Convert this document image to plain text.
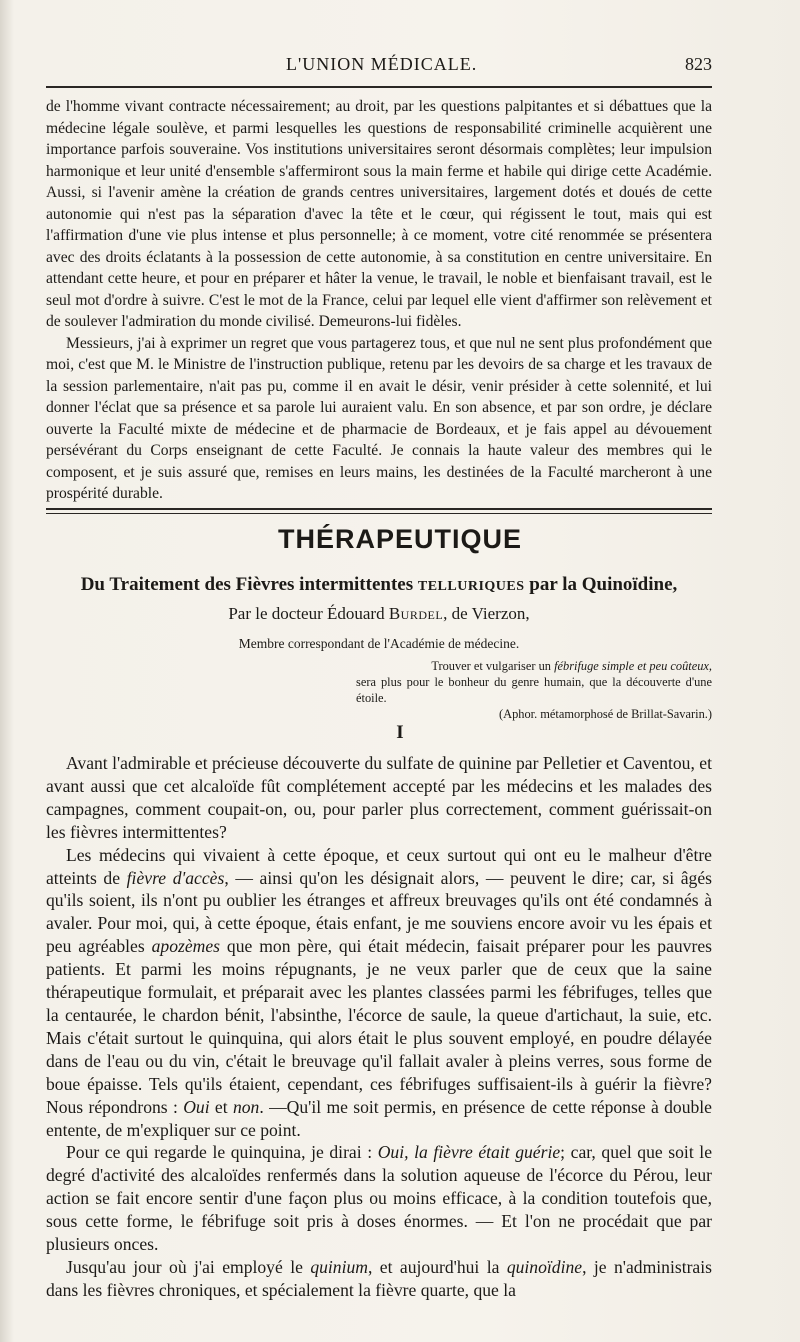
L'UNION MÉDICALE.	823

de l'homme vivant contracte nécessairement; au droit, par les questions palpitantes et si débattues que la médecine légale soulève, et parmi lesquelles les questions de responsabilité criminelle acquièrent une importance parfois souveraine. Vos institutions universitaires seront désormais complètes; leur impulsion harmonique et leur unité d'ensemble s'affermiront sous la main ferme et habile qui dirige cette Académie. Aussi, si l'avenir amène la création de grands centres universitaires, largement dotés et doués de cette autonomie qui n'est pas la séparation d'avec la tête et le cœur, qui régissent le tout, mais qui est l'affirmation d'une vie plus intense et plus personnelle; à ce moment, votre cité renommée se présentera avec des droits éclatants à la possession de cette autonomie, à sa constitution en centre universitaire. En attendant cette heure, et pour en préparer et hâter la venue, le travail, le noble et bienfaisant travail, est le seul mot d'ordre à suivre. C'est le mot de la France, celui par lequel elle vient d'affirmer son relèvement et de soulever l'admiration du monde civilisé. Demeurons-lui fidèles.

Messieurs, j'ai à exprimer un regret que vous partagerez tous, et que nul ne sent plus profondément que moi, c'est que M. le Ministre de l'instruction publique, retenu par les devoirs de sa charge et les travaux de la session parlementaire, n'ait pas pu, comme il en avait le désir, venir présider à cette solennité, et lui donner l'éclat que sa présence et sa parole lui auraient valu. En son absence, et par son ordre, je déclare ouverte la Faculté mixte de médecine et de pharmacie de Bordeaux, et je fais appel au dévouement persévérant du Corps enseignant de cette Faculté. Je connais la haute valeur des membres qui le composent, et je suis assuré que, remises en leurs mains, les destinées de la Faculté marcheront à une prospérité durable.

THÉRAPEUTIQUE
Du Traitement des Fièvres intermittentes TELLURIQUES par la Quinoïdine,
Par le docteur Édouard Burdel, de Vierzon,
Membre correspondant de l'Académie de médecine.
Trouver et vulgariser un fébrifuge simple et peu coûteux,
sera plus pour le bonheur du genre humain, que la découverte d'une étoile.
(Aphor. métamorphosé de Brillat-Savarin.)
I

Avant l'admirable et précieuse découverte du sulfate de quinine par Pelletier et Caventou, et avant aussi que cet alcaloïde fût complétement accepté par les médecins et les malades des campagnes, comment coupait-on, ou, pour parler plus correctement, comment guérissait-on les fièvres intermittentes?

Les médecins qui vivaient à cette époque, et ceux surtout qui ont eu le malheur d'être atteints de fièvre d'accès, — ainsi qu'on les désignait alors, — peuvent le dire; car, si âgés qu'ils soient, ils n'ont pu oublier les étranges et affreux breuvages qu'ils ont été condamnés à avaler. Pour moi, qui, à cette époque, étais enfant, je me souviens encore avoir vu les épais et peu agréables apozèmes que mon père, qui était médecin, faisait préparer pour les pauvres patients. Et parmi les moins répugnants, je ne veux parler que de ceux que la saine thérapeutique formulait, et préparait avec les plantes classées parmi les fébrifuges, telles que la centaurée, le chardon bénit, l'absinthe, l'écorce de saule, la queue d'artichaut, la suie, etc. Mais c'était surtout le quinquina, qui alors était le plus souvent employé, en poudre délayée dans de l'eau ou du vin, c'était le breuvage qu'il fallait avaler à pleins verres, sous forme de boue épaisse. Tels qu'ils étaient, cependant, ces fébrifuges suffisaient-ils à guérir la fièvre? Nous répondrons : Oui et non. —Qu'il me soit permis, en présence de cette réponse à double entente, de m'expliquer sur ce point.

Pour ce qui regarde le quinquina, je dirai : Oui, la fièvre était guérie; car, quel que soit le degré d'activité des alcaloïdes renfermés dans la solution aqueuse de l'écorce du Pérou, leur action se fait encore sentir d'une façon plus ou moins efficace, à la condition toutefois que, sous cette forme, le fébrifuge soit pris à doses énormes. — Et l'on ne procédait que par plusieurs onces.

Jusqu'au jour où j'ai employé le quinium, et aujourd'hui la quinoïdine, je n'administrais dans les fièvres chroniques, et spécialement la fièvre quarte, que la
